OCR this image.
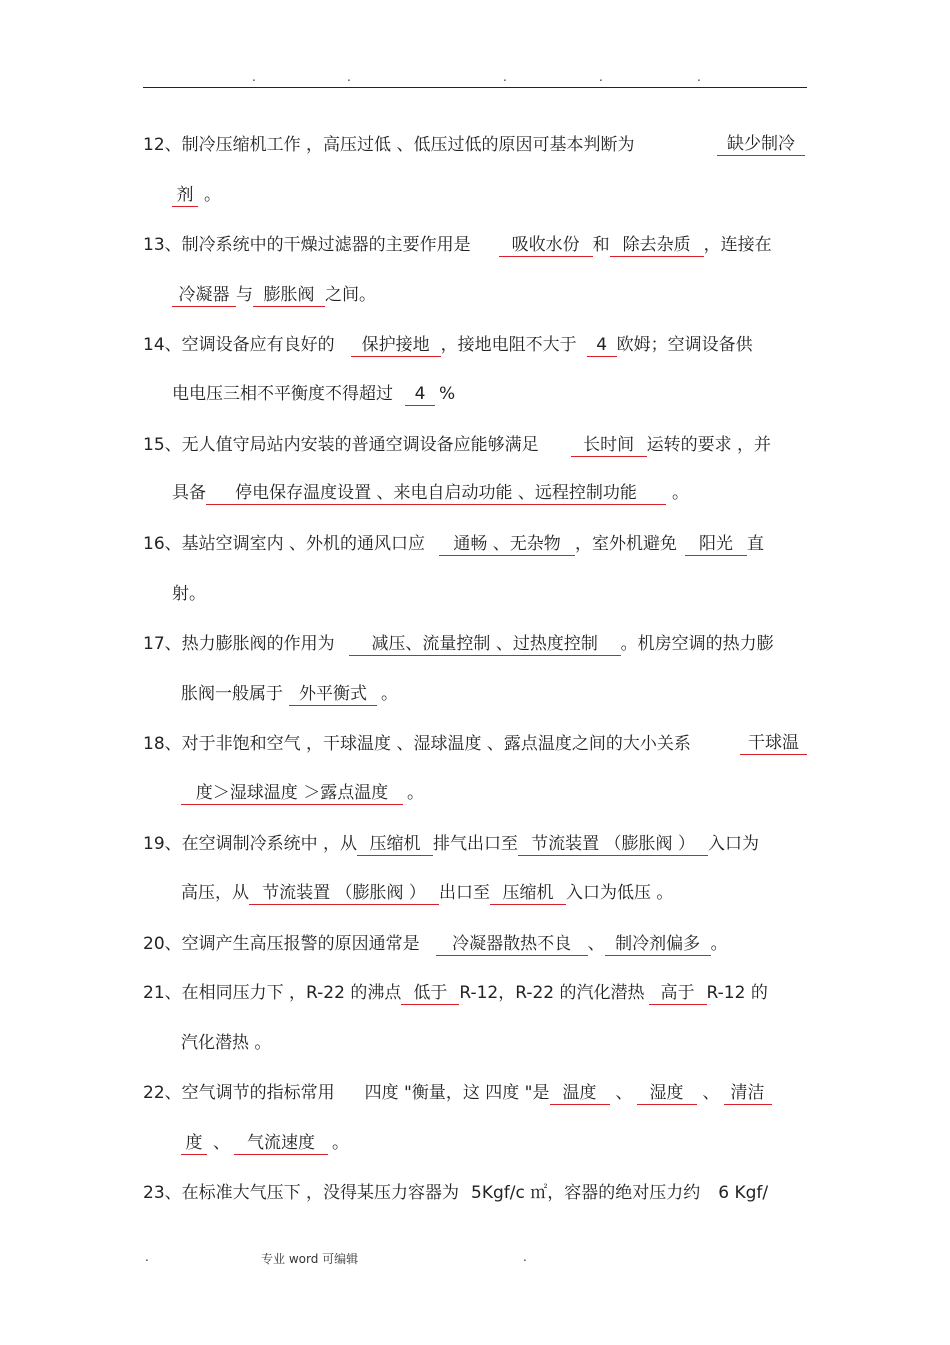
.	.	.	.	.
12、制冷压缩机工作 ，高压过低 、低压过低的原因可基本判断为	缺少制冷
剂 。
13、制冷系统中的干燥过滤器的主要作用是 吸收水份 和 除去杂质 ，连接在
冷凝器 与 膨胀阀 之间。
14、空调设备应有良好的 保护接地 ，接地电阻不大于 4 欧姆；空调设备供
电电压三相不平衡度不得超过 4 %
15、无人值守局站内安装的普通空调设备应能够满足	长时间 运转的要求 ，并
具备 停电保存温度设置 、来电自启动功能 、远程控制功能 。
16、基站空调室内 、外机的通风口应 通畅 、无杂物 ，室外机避免 阳光 直
射。
17、热力膨胀阀的作用为 减压、流量控制 、过热度控制 。机房空调的热力膨
胀阀一般属于 外平衡式 。
18、对于非饱和空气 ，干球温度 、湿球温度 、露点温度之间的大小关系	干球温
度＞湿球温度 ＞露点温度 。
19、在空调制冷系统中 ，从 压缩机 排气出口至 节流装置 （膨胀阀 ） 入口为
高压，从 节流装置 （膨胀阀 ） 出口至 压缩机 入口为低压 。
20、空调产生高压报警的原因通常是 冷凝器散热不良 、 制冷剂偏多 。
21、在相同压力下 ，R-22 的沸点 低于 R-12，R-22 的汽化潜热 高于 R-12 的
汽化潜热 。
22、空气调节的指标常用 四度 "衡量，这 四度 "是 温度 、 湿度 、 清洁
度 、 气流速度 。
23、在标准大气压下 ，没得某压力容器为 5Kgf/c ㎡，容器的绝对压力约 6 Kgf/
.	专业 word 可编辑	.
